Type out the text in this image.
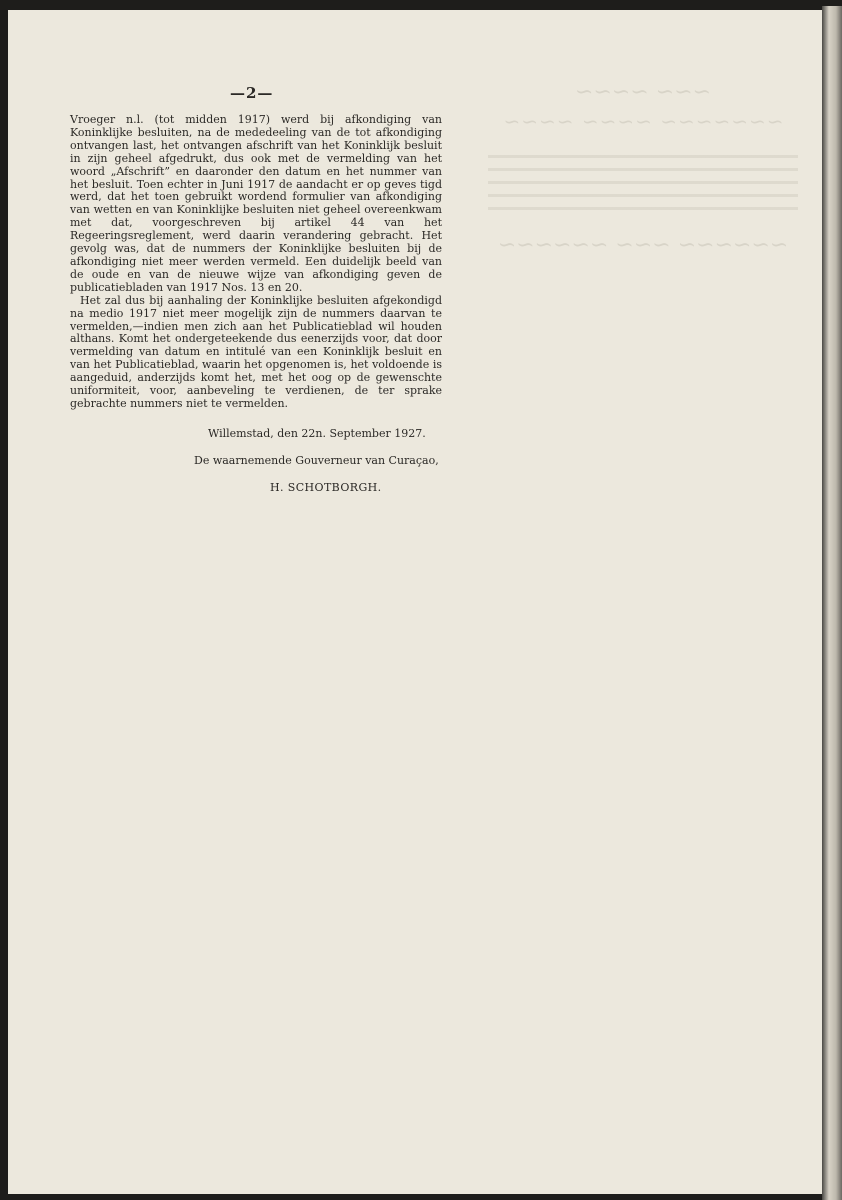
~~~ ~~~~
~~~~~~~ ~~~~ ~~~~
~~~~~~ ~~~ ~~~~~~
—2—

Vroeger n.l. (tot midden 1917) werd bij afkondiging van Koninklijke besluiten, na de mededeeling van de tot afkondiging ontvangen last, het ontvangen afschrift van het Koninklijk besluit in zijn geheel afgedrukt, dus ook met de vermelding van het woord „Afschrift” en daaronder den datum en het nummer van het besluit. Toen echter in Juni 1917 de aandacht er op geves tigd werd, dat het toen gebruikt wordend formulier van afkondiging van wetten en van Koninklijke besluiten niet geheel overeenkwam met dat, voorgeschreven bij artikel 44 van het Regeeringsreglement, werd daarin verandering gebracht. Het gevolg was, dat de nummers der Koninklijke besluiten bij de afkondiging niet meer werden vermeld. Een duidelijk beeld van de oude en van de nieuwe wijze van afkondiging geven de publicatiebladen van 1917 Nos. 13 en 20.

Het zal dus bij aanhaling der Koninklijke besluiten afgekondigd na medio 1917 niet meer mogelijk zijn de nummers daarvan te vermelden,—indien men zich aan het Publicatieblad wil houden althans. Komt het ondergeteekende dus eenerzijds voor, dat door vermelding van datum en intitulé van een Koninklijk besluit en van het Publicatieblad, waarin het opgenomen is, het voldoende is aangeduid, anderzijds komt het, met het oog op de gewenschte uniformiteit, voor, aanbeveling te verdienen, de ter sprake gebrachte nummers niet te vermelden.

Willemstad, den 22n. September 1927.
De waarnemende Gouverneur van Curaçao,
H. SCHOTBORGH.
